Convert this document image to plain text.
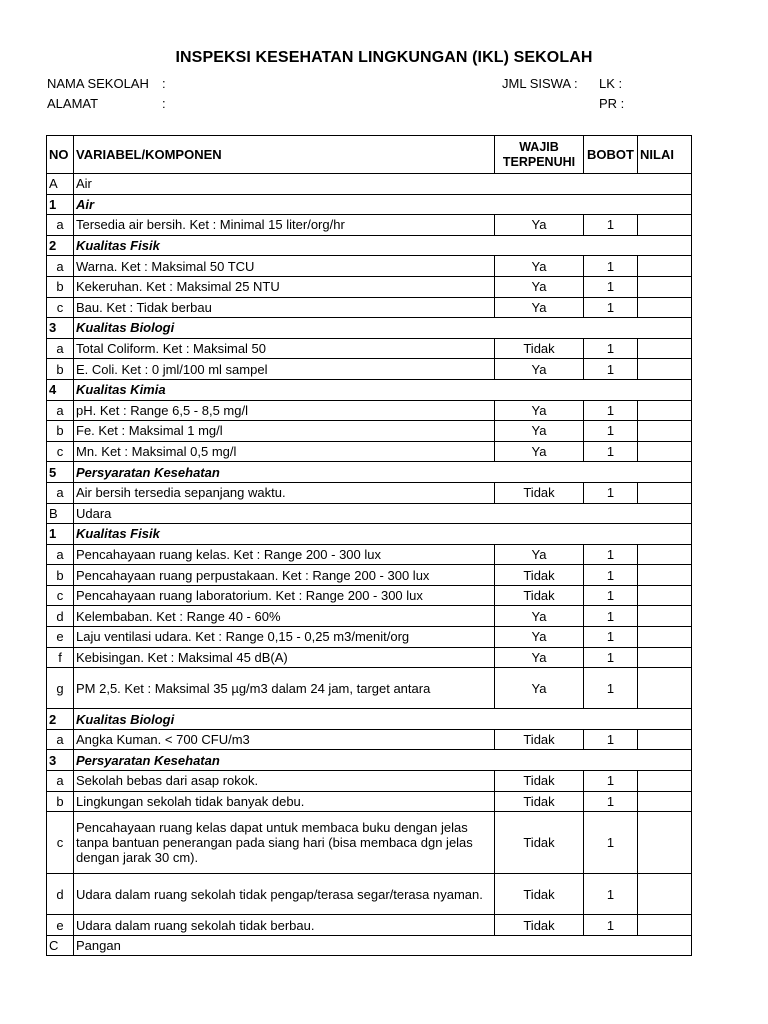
INSPEKSI KESEHATAN LINGKUNGAN (IKL) SEKOLAH
NAMA SEKOLAH :
ALAMAT	:
JML SISWA : LK :
PR :
NO	VARIABEL/KOMPONEN	WAJIB TERPENUHI	BOBOT	NILAI
A	Air			
1	Air			
a	Tersedia air bersih. Ket : Minimal 15 liter/org/hr	Ya	1	
2	Kualitas Fisik			
a	Warna. Ket : Maksimal 50 TCU	Ya	1	
b	Kekeruhan. Ket : Maksimal 25 NTU	Ya	1	
c	Bau. Ket : Tidak berbau	Ya	1	
3	Kualitas Biologi			
a	Total Coliform. Ket : Maksimal 50	Tidak	1	
b	E. Coli. Ket : 0 jml/100 ml sampel	Ya	1	
4	Kualitas Kimia			
a	pH. Ket : Range 6,5 - 8,5 mg/l	Ya	1	
b	Fe. Ket : Maksimal 1 mg/l	Ya	1	
c	Mn. Ket : Maksimal 0,5 mg/l	Ya	1	
5	Persyaratan Kesehatan			
a	Air bersih tersedia sepanjang waktu.	Tidak	1	
B	Udara			
1	Kualitas Fisik			
a	Pencahayaan ruang kelas. Ket : Range 200 - 300 lux	Ya	1	
b	Pencahayaan ruang perpustakaan. Ket : Range 200 - 300 lux	Tidak	1	
c	Pencahayaan ruang laboratorium. Ket : Range 200 - 300 lux	Tidak	1	
d	Kelembaban. Ket : Range 40 - 60%	Ya	1	
e	Laju ventilasi udara. Ket : Range 0,15 - 0,25 m3/menit/org	Ya	1	
f	Kebisingan. Ket : Maksimal 45 dB(A)	Ya	1	
g	PM 2,5. Ket : Maksimal 35 µg/m3 dalam 24 jam, target antara	Ya	1	
2	Kualitas Biologi			
a	Angka Kuman. < 700 CFU/m3	Tidak	1	
3	Persyaratan Kesehatan			
a	Sekolah bebas dari asap rokok.	Tidak	1	
b	Lingkungan sekolah tidak banyak debu.	Tidak	1	
c	Pencahayaan ruang kelas dapat untuk membaca buku dengan jelas tanpa bantuan penerangan pada siang hari (bisa membaca dgn jelas dengan jarak 30 cm).	Tidak	1	
d	Udara dalam ruang sekolah tidak pengap/terasa segar/terasa nyaman.	Tidak	1	
e	Udara dalam ruang sekolah tidak berbau.	Tidak	1	
C	Pangan			
